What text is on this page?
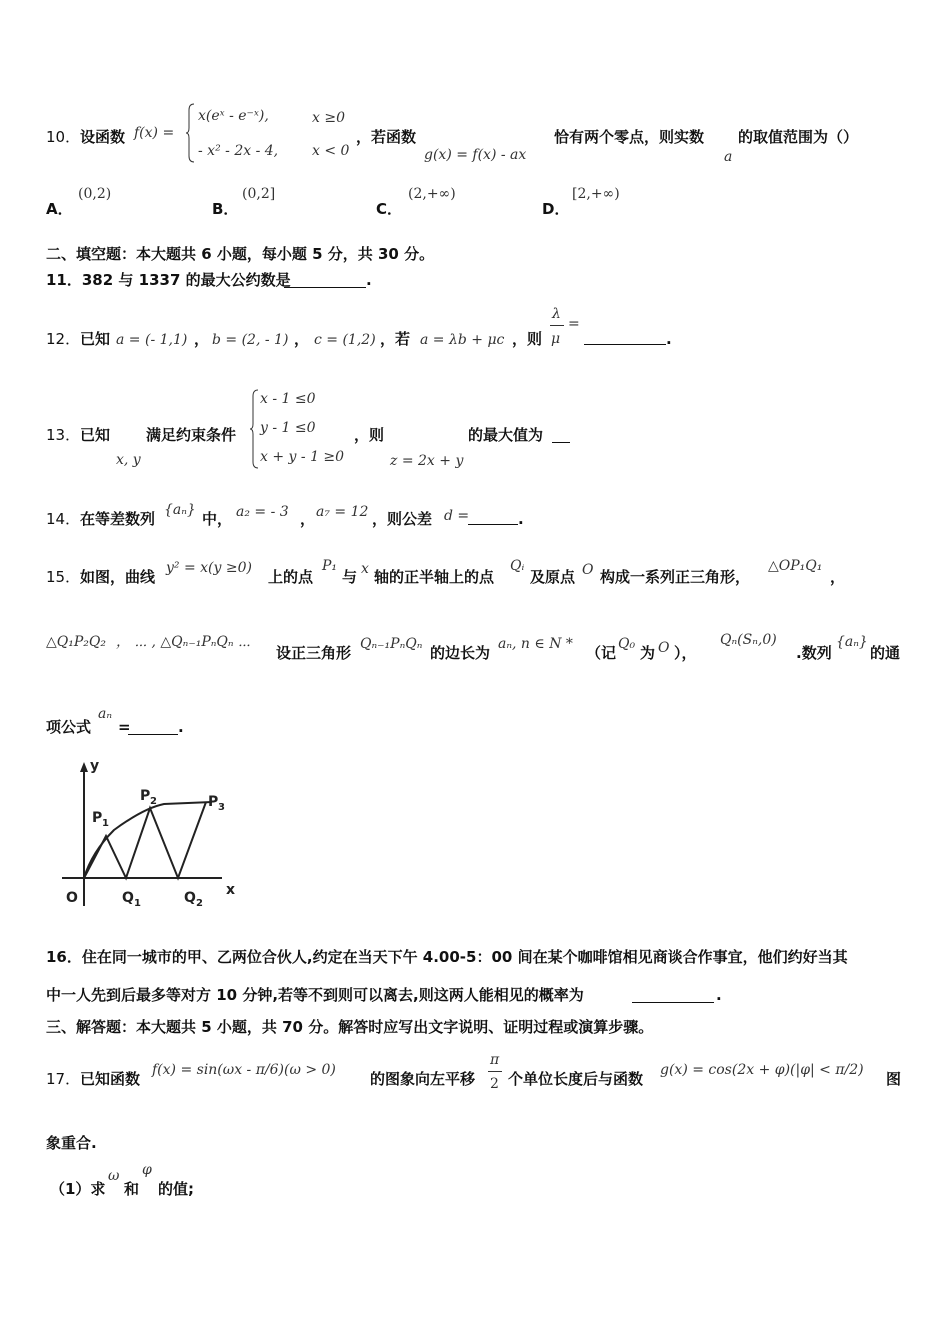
10． 设函数 f(x) =
x(eˣ - e⁻ˣ),	x ≥0
- x² - 2x - 4, x < 0
，若函数
g(x) = f(x) - ax
恰有两个零点，则实数
a
的取值范围为（）
A．
(0,2)
B．
(0,2]
C．
(2,+∞)
D．
[2,+∞)
二、填空题：本大题共 6 小题，每小题 5 分，共 30 分。
11．382 与 1337 的最大公约数是	.
12． 已知 a = (- 1,1) ， b = (2, - 1) ， c = (1,2) ，若 a = λb + μc ，则
λ
μ
=
.
13． 已知
x, y
满足约束条件
x - 1 ≤0
y - 1 ≤0
x + y - 1 ≥0
，则
z = 2x + y
的最大值为
14． 在等差数列 {aₙ} 中， a₂ = - 3 ， a₇ = 12 ，则公差 d =	.
15． 如图，曲线 y² = x(y ≥0) 上的点
P₁
与 x 轴的正半轴上的点
Qᵢ
及原点 O 构成一系列正三角形，
△OP₁Q₁
，
△Q₁P₂Q₂ ， ⋯ , △Qₙ₋₁PₙQₙ ⋯
设正三角形 Qₙ₋₁PₙQₙ 的边长为 aₙ, n ∈ N * （记 Q₀ 为 O ），
Qₙ(Sₙ,0)
.数列
{aₙ}
的通
项公式
aₙ
=	.
y
x
O
P 1
P 2	P 3
Q 1	Q 2
16．住在同一城市的甲、乙两位合伙人,约定在当天下午 4.00-5：00 间在某个咖啡馆相见商谈合作事宜，他们约好当其
中一人先到后最多等对方 10 分钟,若等不到则可以离去,则这两人能相见的概率为	.
三、解答题：本大题共 5 小题，共 70 分。解答时应写出文字说明、证明过程或演算步骤。
17． 已知函数 f(x) = sin(ωx - π/6)(ω > 0) 的图象向左平移
π
2 个单位长度后与函数 g(x) = cos(2x + φ)(|φ| < π/2) 图
象重合.
（1）求
ω
和
φ
的值;
